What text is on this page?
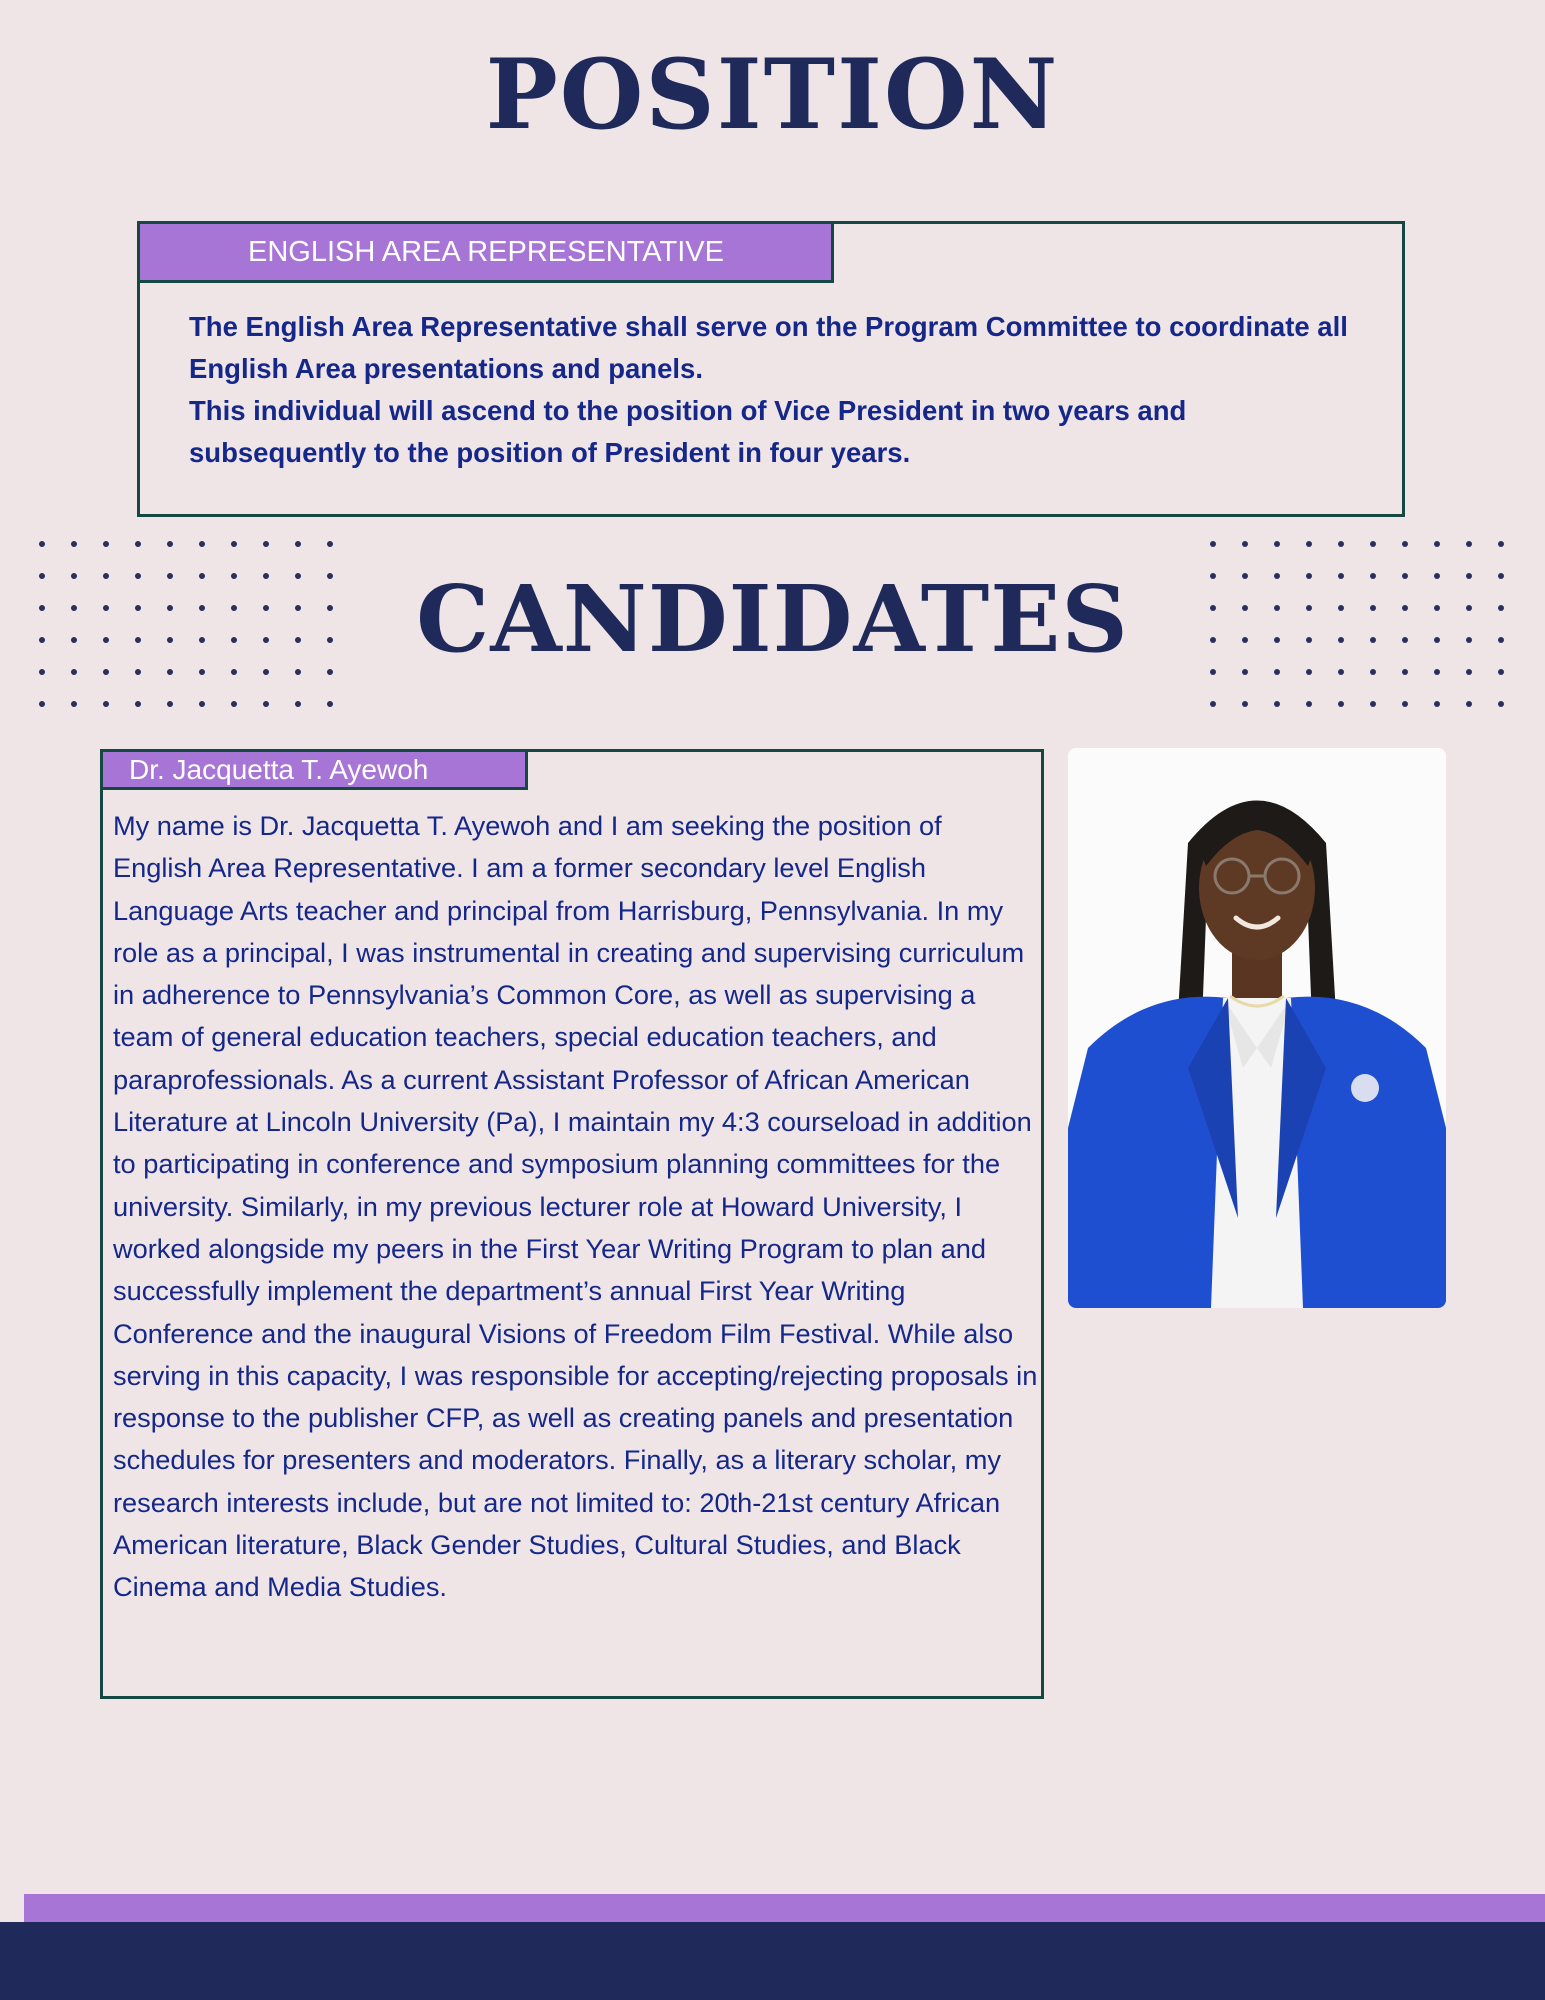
POSITION
ENGLISH AREA REPRESENTATIVE

The English Area Representative shall serve on the Program Committee to coordinate all English Area presentations and panels.

This individual will ascend to the position of Vice President in two years and subsequently to the position of President in four years.

CANDIDATES
Dr. Jacquetta T. Ayewoh

My name is Dr. Jacquetta T. Ayewoh and I am seeking the position of English Area Representative. I am a former secondary level English Language Arts teacher and principal from Harrisburg, Pennsylvania. In my role as a principal, I was instrumental in creating and supervising curriculum in adherence to Pennsylvania’s Common Core, as well as supervising a team of general education teachers, special education teachers, and paraprofessionals. As a current Assistant Professor of African American Literature at Lincoln University (Pa), I maintain my 4:3 courseload in addition to participating in conference and symposium planning committees for the university. Similarly, in my previous lecturer role at Howard University, I worked alongside my peers in the First Year Writing Program to plan and successfully implement the department’s annual First Year Writing Conference and the inaugural Visions of Freedom Film Festival. While also serving in this capacity, I was responsible for accepting/rejecting proposals in response to the publisher CFP, as well as creating panels and presentation schedules for presenters and moderators. Finally, as a literary scholar, my research interests include, but are not limited to: 20th-21st century African American literature, Black Gender Studies, Cultural Studies, and Black Cinema and Media Studies.
